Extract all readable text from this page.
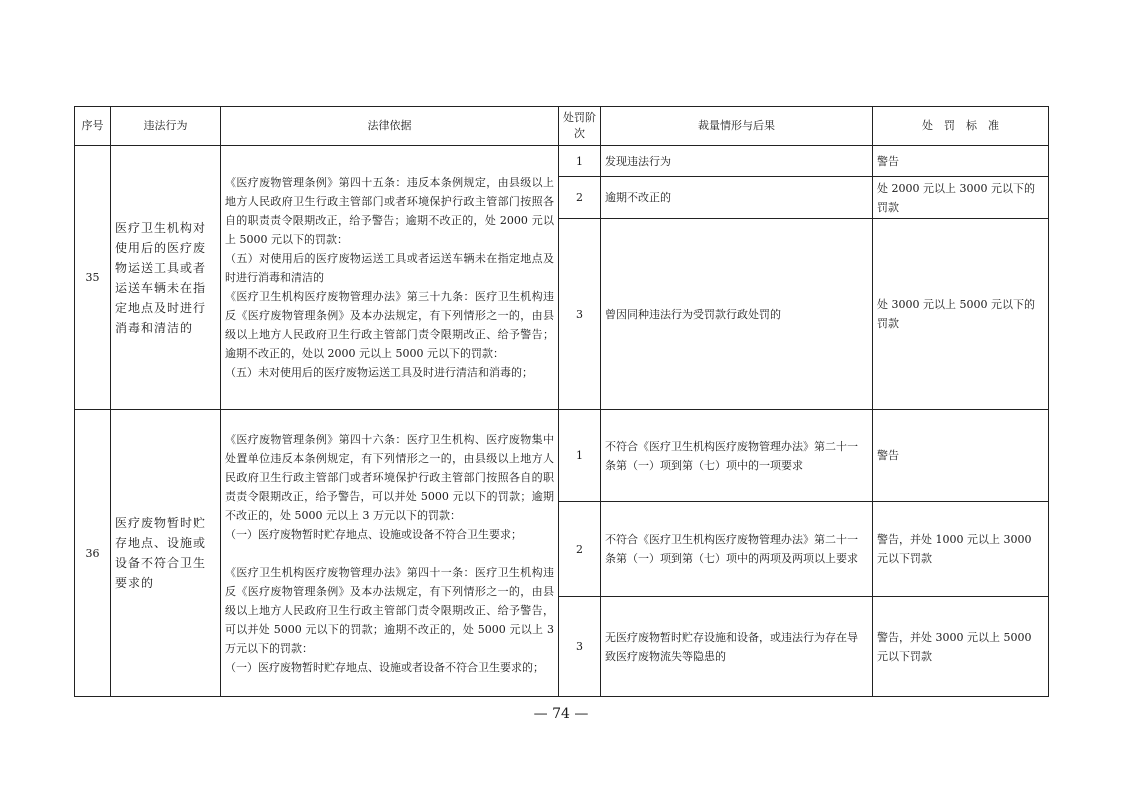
序号	违法行为	法律依据	处罚阶次	裁量情形与后果	处　罚　标　准
35	医疗卫生机构对使用后的医疗废物运送工具或者运送车辆未在指定地点及时进行消毒和清洁的	《医疗废物管理条例》第四十五条：违反本条例规定，由县级以上地方人民政府卫生行政主管部门或者环境保护行政主管部门按照各自的职责责令限期改正，给予警告；逾期不改正的，处 2000 元以上 5000 元以下的罚款：

（五）对使用后的医疗废物运送工具或者运送车辆未在指定地点及时进行消毒和清洁的

《医疗卫生机构医疗废物管理办法》第三十九条：医疗卫生机构违反《医疗废物管理条例》及本办法规定，有下列情形之一的，由县级以上地方人民政府卫生行政主管部门责令限期改正、给予警告；逾期不改正的，处以 2000 元以上 5000 元以下的罚款：

（五）未对使用后的医疗废物运送工具及时进行清洁和消毒的；	1	发现违法行为	警告
			2	逾期不改正的	处 2000 元以上 3000 元以下的罚款
			3	曾因同种违法行为受罚款行政处罚的	处 3000 元以上 5000 元以下的罚款
36	医疗废物暂时贮存地点、设施或设备不符合卫生要求的	《医疗废物管理条例》第四十六条：医疗卫生机构、医疗废物集中处置单位违反本条例规定，有下列情形之一的，由县级以上地方人民政府卫生行政主管部门或者环境保护行政主管部门按照各自的职责责令限期改正，给予警告，可以并处 5000 元以下的罚款；逾期不改正的，处 5000 元以上 3 万元以下的罚款：

（一）医疗废物暂时贮存地点、设施或设备不符合卫生要求；

《医疗卫生机构医疗废物管理办法》第四十一条：医疗卫生机构违反《医疗废物管理条例》及本办法规定，有下列情形之一的，由县级以上地方人民政府卫生行政主管部门责令限期改正、给予警告，可以并处 5000 元以下的罚款；逾期不改正的，处 5000 元以上 3 万元以下的罚款：

（一）医疗废物暂时贮存地点、设施或者设备不符合卫生要求的；	1	不符合《医疗卫生机构医疗废物管理办法》第二十一条第（一）项到第（七）项中的一项要求	警告
			2	不符合《医疗卫生机构医疗废物管理办法》第二十一条第（一）项到第（七）项中的两项及两项以上要求	警告，并处 1000 元以上 3000 元以下罚款
			3	无医疗废物暂时贮存设施和设备，或违法行为存在导致医疗废物流失等隐患的	警告，并处 3000 元以上 5000 元以下罚款
— 74 —
